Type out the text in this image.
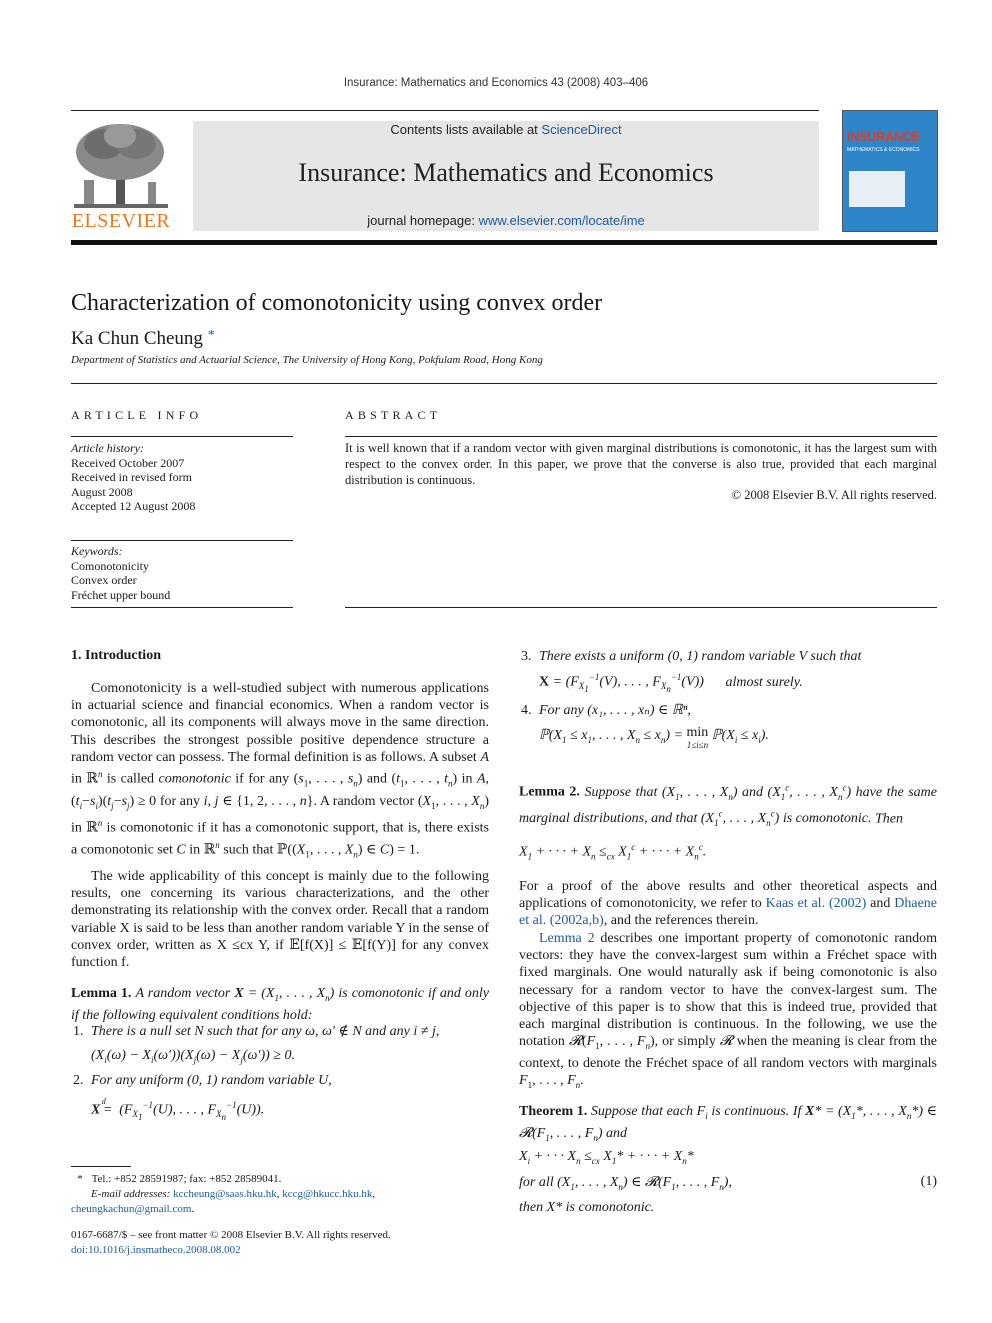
Insurance: Mathematics and Economics 43 (2008) 403–406
ELSEVIER
Contents lists available at ScienceDirect
Insurance: Mathematics and Economics
journal homepage: www.elsevier.com/locate/ime
INSURANCE
MATHEMATICS & ECONOMICS
Characterization of comonotonicity using convex order
Ka Chun Cheung *
Department of Statistics and Actuarial Science, The University of Hong Kong, Pokfulam Road, Hong Kong
ARTICLE INFO
Article history:
Received October 2007
Received in revised form
August 2008
Accepted 12 August 2008
Keywords:
Comonotonicity
Convex order
Fréchet upper bound
ABSTRACT
It is well known that if a random vector with given marginal distributions is comonotonic, it has the largest sum with respect to the convex order. In this paper, we prove that the converse is also true, provided that each marginal distribution is continuous.
© 2008 Elsevier B.V. All rights reserved.
1. Introduction
Comonotonicity is a well-studied subject with numerous applications in actuarial science and financial economics. When a random vector is comonotonic, all its components will always move in the same direction. This describes the strongest possible positive dependence structure a random vector can possess. The formal definition is as follows. A subset A in ℝ$^n$ is called comonotonic if for any ($s_1$, . . . , $s_n$) and ($t_1$, . . . , $t_n$) in A, $(t_i-s_i)(t_j-s_j) \ge 0$ for any i, j ∈ {1, 2, . . . , n}. A random vector ($X_1$, . . . , $X_n$) in ℝ$^n$ is comonotonic if it has a comonotonic support, that is, there exists a comonotonic set C in ℝ$^n$ such that $ℙ((X_1$, . . . , $X_n$) ∈ C) = 1.
The wide applicability of this concept is mainly due to the following results, one concerning its various characterizations, and the other demonstrating its relationship with the convex order. Recall that a random variable X is said to be less than another random variable Y in the sense of convex order, written as X ≤cx Y, if 𝔼[f(X)] ≤ 𝔼[f(Y)] for any convex function f.
Lemma 1. A random vector $X = (X_1$, . . . , $X_n$) is comonotonic if and only if the following equivalent conditions hold:
1. There is a null set N such that for any ω, ω′ ∉ N and any i ≠ j,
$(X_i(\omega) - X_i(\omega'))(X_j(\omega) - X_j(\omega')) \ge 0$.
2. For any uniform (0, 1) random variable U,
X =$^d$ ($F_{X_1}^{-1}(U)$, . . . , $F_{X_n}^{-1}(U)$).
* Tel.: +852 28591987; fax: +852 28589041.
E-mail addresses: kccheung@saas.hku.hk, kccg@hkucc.hku.hk,
cheungkachun@gmail.com.
0167-6687/$ – see front matter © 2008 Elsevier B.V. All rights reserved.
doi:10.1016/j.insmatheco.2008.08.002
3. There exists a uniform (0, 1) random variable V such that
$X = (F_{X_1}^{-1}(V)$, . . . , $F_{X_n}^{-1}(V)$) almost surely.
4. For any (x₁, . . . , xₙ) ∈ ℝⁿ,
$ℙ(X_1 \le x_1$, . . . , $X_n \le x_n) = \min$
1≤i≤n $ℙ(X_i \le x_i)$.
Lemma 2. Suppose that ($X_1$, . . . , $X_n$) and ($X_1^c$, . . . , $X_n^c$) have the same marginal distributions, and that ($X_1^c$, . . . , $X_n^c$) is comonotonic. Then
$X_1$ + · · · + $X_n \le_{cx}$ $X_1^c$ + · · · + $X_n^c$.
For a proof of the above results and other theoretical aspects and applications of comonotonicity, we refer to Kaas et al. (2002) and Dhaene et al. (2002a,b), and the references therein.
Lemma 2 describes one important property of comonotonic random vectors: they have the convex-largest sum within a Fréchet space with fixed marginals. One would naturally ask if being comonotonic is also necessary for a random vector to have the convex-largest sum. The objective of this paper is to show that this is indeed true, provided that each marginal distribution is continuous. In the following, we use the notation $𝓡(F_1$, . . . , $F_n$), or simply 𝓡 when the meaning is clear from the context, to denote the Fréchet space of all random vectors with marginals $F_1$, . . . , $F_n$.
Theorem 1. Suppose that each $F_i$ is continuous. If $X* = (X_1*$, . . . , $X_n*$) ∈ $𝓡(F_1$, . . . , $F_n$) and
$X_i$ + · · · $X_n \le_{cx}$ $X_1*$ + · · · + $X_n*$
for all ($X_1$, . . . , $X_n$) ∈ $𝓡(F_1$, . . . , $F_n$),	(1)
then X* is comonotonic.
